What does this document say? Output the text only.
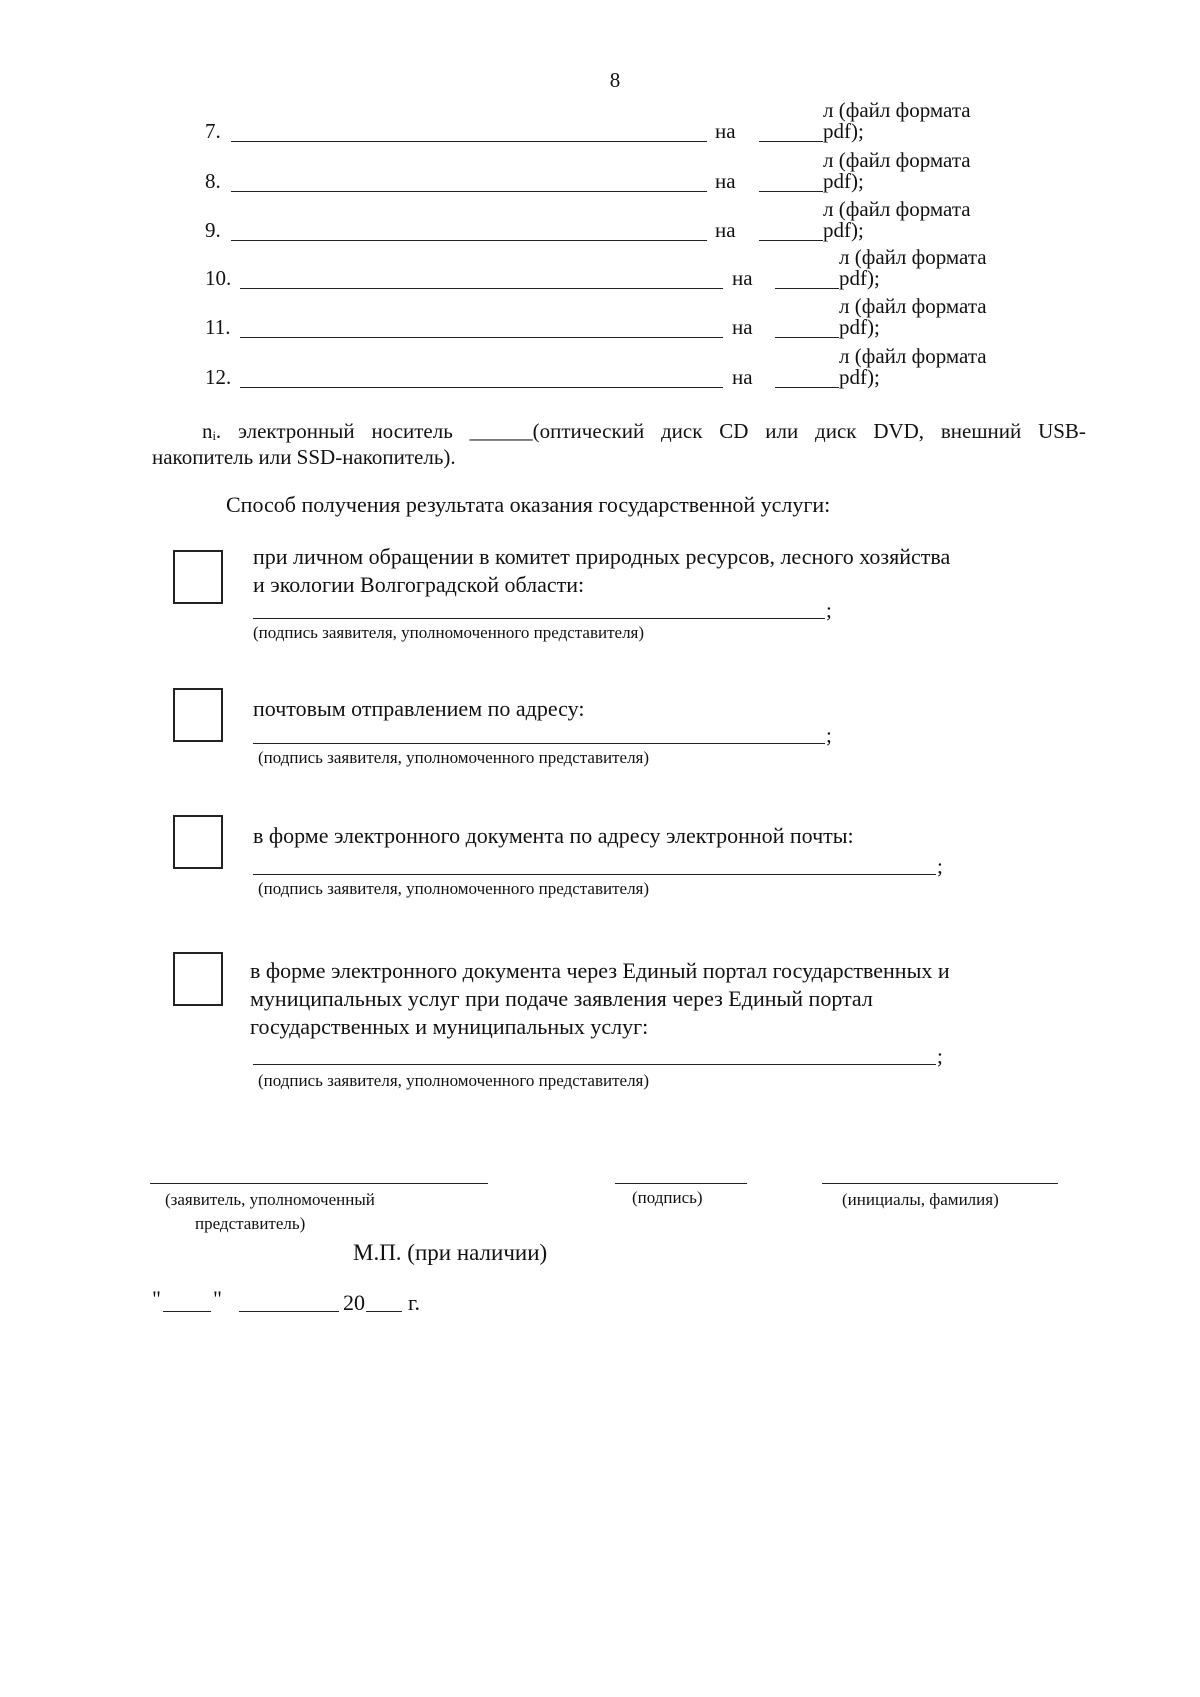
8
7.	на
л (файл формата pdf);
8.	на
л (файл формата pdf);
9.	на
л (файл формата pdf);
10.	на
л (файл формата pdf);
11.	на
л (файл формата pdf);
12.	на
л (файл формата pdf);
nᵢ. электронный носитель ______(оптический диск CD или диск DVD, внешний USB-
накопитель или SSD-накопитель).
Способ получения результата оказания государственной услуги:
при личном обращении в комитет природных ресурсов, лесного хозяйства
и экологии Волгоградской области:
;
(подпись заявителя, уполномоченного представителя)
почтовым отправлением по адресу:
;
(подпись заявителя, уполномоченного представителя)
в форме электронного документа по адресу электронной почты:
;
(подпись заявителя, уполномоченного представителя)
в форме электронного документа через Единый портал государственных и
муниципальных услуг при подаче заявления через Единый портал
государственных и муниципальных услуг:
;
(подпись заявителя, уполномоченного представителя)
(заявитель, уполномоченный
представитель)
(подпись)	(инициалы, фамилия)
М.П. (при наличии)
" "	20 г.
